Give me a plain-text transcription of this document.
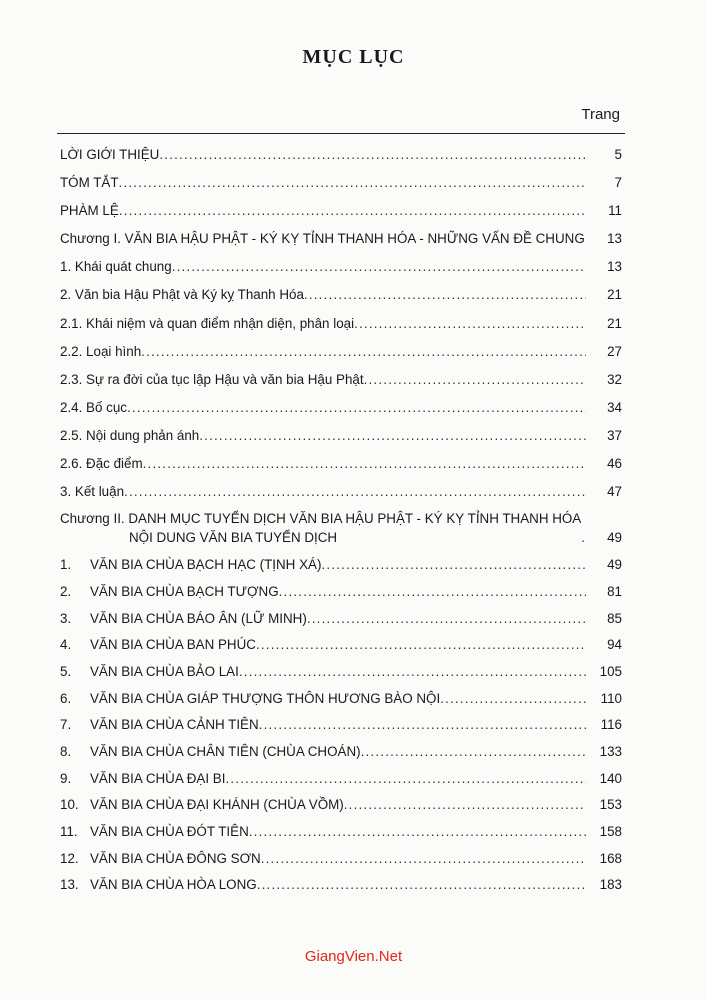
MỤC LỤC
Trang
LỜI GIỚI THIỆU .....	5
TÓM TẮT .....	7
PHÀM LỆ .....	11
Chương I. VĂN BIA HẬU PHẬT - KÝ KỴ TỈNH THANH HÓA - NHỮNG VẤN ĐỀ CHUNG .....	13
1. Khái quát chung .....	13
2. Văn bia Hậu Phật và Ký kỵ Thanh Hóa .....	21
2.1. Khái niệm và quan điểm nhận diện, phân loại .....	21
2.2. Loại hình .....	27
2.3. Sự ra đời của tục lập Hậu và văn bia Hậu Phật .....	32
2.4. Bố cục .....	34
2.5. Nội dung phản ánh .....	37
2.6. Đặc điểm .....	46
3. Kết luận .....	47
Chương II. DANH MỤC TUYỂN DỊCH VĂN BIA HẬU PHẬT - KÝ KỴ TỈNH THANH HÓA
NỘI DUNG VĂN BIA TUYỂN DỊCH .....	49
1. VĂN BIA CHÙA BẠCH HẠC (TỊNH XÁ) .....	49
2. VĂN BIA CHÙA BẠCH TƯỢNG .....	81
3. VĂN BIA CHÙA BÁO ÂN (LỮ MINH) .....	85
4. VĂN BIA CHÙA BAN PHÚC .....	94
5. VĂN BIA CHÙA BẢO LAI .....	105
6. VĂN BIA CHÙA GIÁP THƯỢNG THÔN HƯƠNG BÀO NỘI .....	110
7. VĂN BIA CHÙA CẢNH TIÊN .....	116
8. VĂN BIA CHÙA CHÂN TIÊN (CHÙA CHOÁN) .....	133
9. VĂN BIA CHÙA ĐẠI BI .....	140
10. VĂN BIA CHÙA ĐẠI KHÁNH (CHÙA VỒM) .....	153
11. VĂN BIA CHÙA ĐÓT TIÊN .....	158
12. VĂN BIA CHÙA ĐÔNG SƠN .....	168
13. VĂN BIA CHÙA HÒA LONG .....	183
GiangVien.Net
